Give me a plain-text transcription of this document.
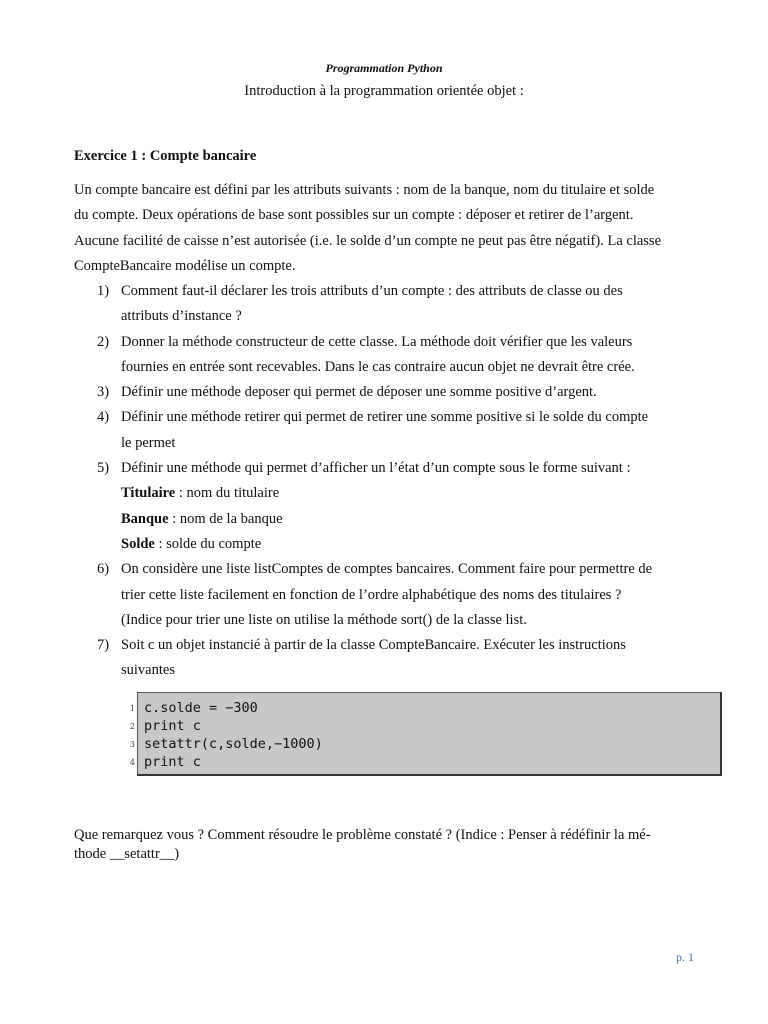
Programmation Python
Introduction à la programmation orientée objet :
Exercice 1 : Compte bancaire
Un compte bancaire est défini par les attributs suivants : nom de la banque, nom du titulaire et solde
du compte. Deux opérations de base sont possibles sur un compte : déposer et retirer de l’argent.
Aucune facilité de caisse n’est autorisée (i.e. le solde d’un compte ne peut pas être négatif). La classe
CompteBancaire modélise un compte.
1) Comment faut-il déclarer les trois attributs d’un compte : des attributs de classe ou des
attributs d’instance ?
2) Donner la méthode constructeur de cette classe. La méthode doit vérifier que les valeurs
fournies en entrée sont recevables. Dans le cas contraire aucun objet ne devrait être crée.
3) Définir une méthode deposer qui permet de déposer une somme positive d’argent.
4) Définir une méthode retirer qui permet de retirer une somme positive si le solde du compte
le permet
5) Définir une méthode qui permet d’afficher un l’état d’un compte sous le forme suivant :
Titulaire : nom du titulaire
Banque : nom de la banque
Solde : solde du compte
6) On considère une liste listComptes de comptes bancaires. Comment faire pour permettre de
trier cette liste facilement en fonction de l’ordre alphabétique des noms des titulaires ?
(Indice pour trier une liste on utilise la méthode sort() de la classe list.
7) Soit c un objet instancié à partir de la classe CompteBancaire. Exécuter les instructions
suivantes
1 c.solde = −300
2 print c
3 setattr(c,solde,−1000)
4 print c
Que remarquez vous ? Comment résoudre le problème constaté ? (Indice : Penser à rédéfinir la mé-
thode __setattr__)
p. 1
